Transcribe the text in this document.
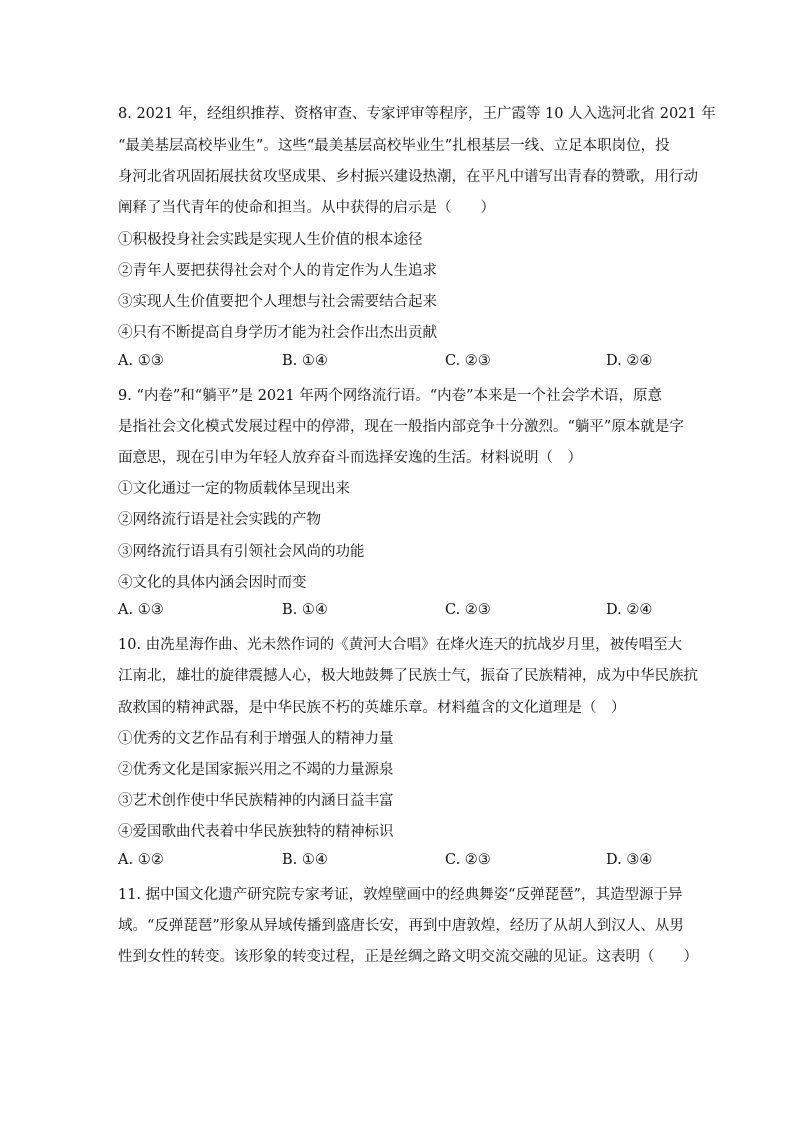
8. 2021 年，经组织推荐、资格审查、专家评审等程序，王广霞等 10 人入选河北省 2021 年
“最美基层高校毕业生”。这些“最美基层高校毕业生”扎根基层一线、立足本职岗位，投
身河北省巩固拓展扶贫攻坚成果、乡村振兴建设热潮，在平凡中谱写出青春的赞歌，用行动
阐释了当代青年的使命和担当。从中获得的启示是（　　）
①积极投身社会实践是实现人生价值的根本途径
②青年人要把获得社会对个人的肯定作为人生追求
③实现人生价值要把个人理想与社会需要结合起来
④只有不断提高自身学历才能为社会作出杰出贡献
A. ①③	B. ①④	C. ②③	D. ②④
9. “内卷”和“躺平”是 2021 年两个网络流行语。“内卷”本来是一个社会学术语，原意
是指社会文化模式发展过程中的停滞，现在一般指内部竞争十分激烈。“躺平”原本就是字
面意思，现在引申为年轻人放弃奋斗而选择安逸的生活。材料说明（　）
①文化通过一定的物质载体呈现出来
②网络流行语是社会实践的产物
③网络流行语具有引领社会风尚的功能
④文化的具体内涵会因时而变
A. ①③	B. ①④	C. ②③	D. ②④
10. 由冼星海作曲、光未然作词的《黄河大合唱》在烽火连天的抗战岁月里，被传唱至大
江南北，雄壮的旋律震撼人心，极大地鼓舞了民族士气，振奋了民族精神，成为中华民族抗
敌救国的精神武器，是中华民族不朽的英雄乐章。材料蕴含的文化道理是（　）
①优秀的文艺作品有利于增强人的精神力量
②优秀文化是国家振兴用之不竭的力量源泉
③艺术创作使中华民族精神的内涵日益丰富
④爱国歌曲代表着中华民族独特的精神标识
A. ①②	B. ①④	C. ②③	D. ③④
11. 据中国文化遗产研究院专家考证，敦煌壁画中的经典舞姿“反弹琵琶”，其造型源于异
域。“反弹琵琶”形象从异域传播到盛唐长安，再到中唐敦煌，经历了从胡人到汉人、从男
性到女性的转变。该形象的转变过程，正是丝绸之路文明交流交融的见证。这表明（　　）
